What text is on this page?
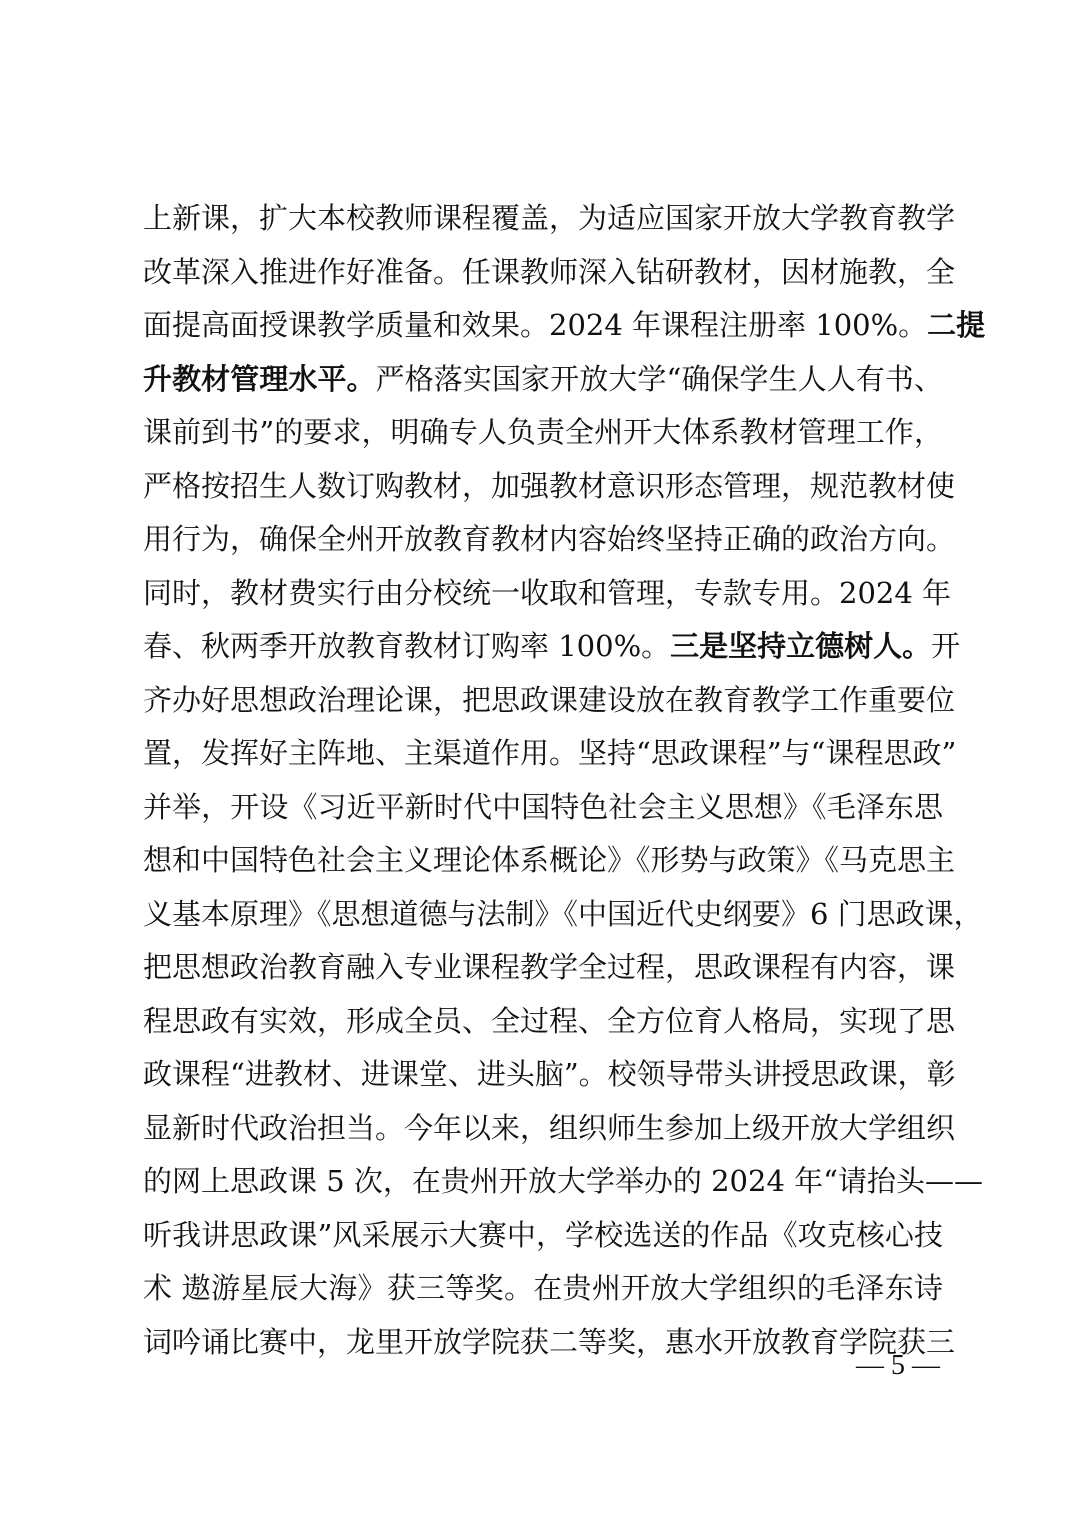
上新课，扩大本校教师课程覆盖，为适应国家开放大学教育教学
改革深入推进作好准备。任课教师深入钻研教材，因材施教，全
面提高面授课教学质量和效果。2024 年课程注册率 100%。二提
升教材管理水平。严格落实国家开放大学“确保学生人人有书、
课前到书”的要求，明确专人负责全州开大体系教材管理工作，
严格按招生人数订购教材，加强教材意识形态管理，规范教材使
用行为，确保全州开放教育教材内容始终坚持正确的政治方向。
同时，教材费实行由分校统一收取和管理，专款专用。2024 年
春、秋两季开放教育教材订购率 100%。三是坚持立德树人。开
齐办好思想政治理论课，把思政课建设放在教育教学工作重要位
置，发挥好主阵地、主渠道作用。坚持“思政课程”与“课程思政”
并举，开设《习近平新时代中国特色社会主义思想》《毛泽东思
想和中国特色社会主义理论体系概论》《形势与政策》《马克思主
义基本原理》《思想道德与法制》《中国近代史纲要》6 门思政课，
把思想政治教育融入专业课程教学全过程，思政课程有内容，课
程思政有实效，形成全员、全过程、全方位育人格局，实现了思
政课程“进教材、进课堂、进头脑”。校领导带头讲授思政课，彰
显新时代政治担当。今年以来，组织师生参加上级开放大学组织
的网上思政课 5 次，在贵州开放大学举办的 2024 年“请抬头——
听我讲思政课”风采展示大赛中，学校选送的作品《攻克核心技
术 遨游星辰大海》获三等奖。在贵州开放大学组织的毛泽东诗
词吟诵比赛中，龙里开放学院获二等奖，惠水开放教育学院获三
— 5 —
